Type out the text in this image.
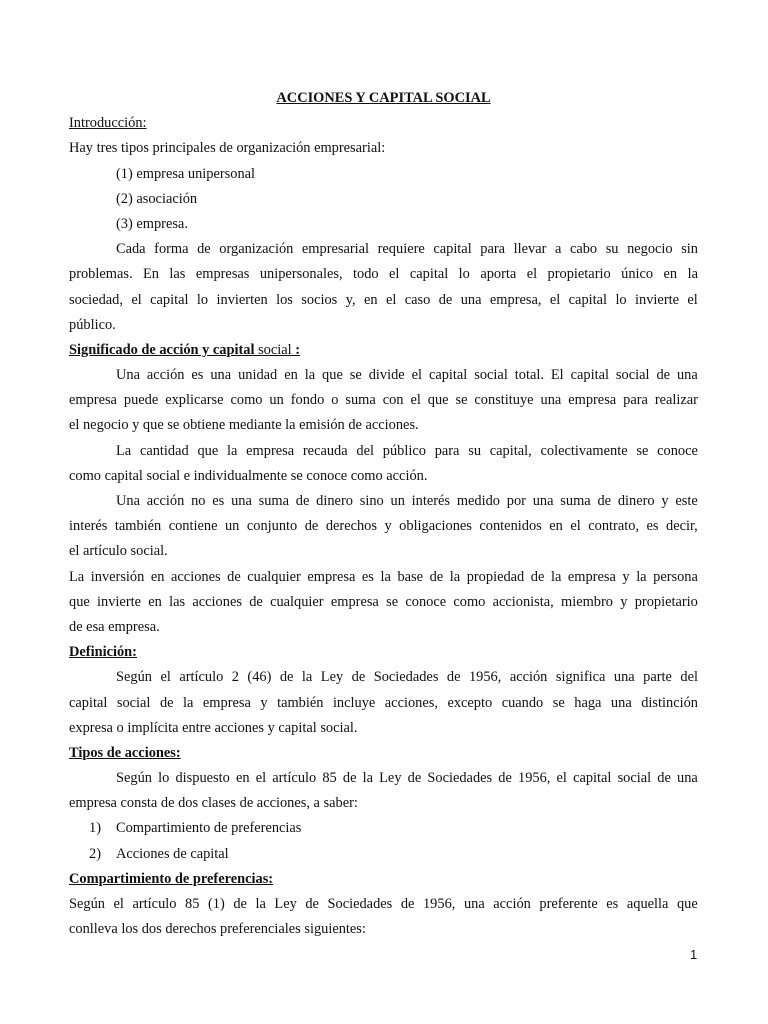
ACCIONES Y CAPITAL SOCIAL
Introducción:
Hay tres tipos principales de organización empresarial:
(1) empresa unipersonal
(2) asociación
(3) empresa.
Cada forma de organización empresarial requiere capital para llevar a cabo su negocio sin
problemas. En las empresas unipersonales, todo el capital lo aporta el propietario único en la
sociedad, el capital lo invierten los socios y, en el caso de una empresa, el capital lo invierte el
público.
Significado de acción y capital social :
Una acción es una unidad en la que se divide el capital social total. El capital social de una
empresa puede explicarse como un fondo o suma con el que se constituye una empresa para realizar
el negocio y que se obtiene mediante la emisión de acciones.
La cantidad que la empresa recauda del público para su capital, colectivamente se conoce
como capital social e individualmente se conoce como acción.
Una acción no es una suma de dinero sino un interés medido por una suma de dinero y este
interés también contiene un conjunto de derechos y obligaciones contenidos en el contrato, es decir,
el artículo social.
La inversión en acciones de cualquier empresa es la base de la propiedad de la empresa y la persona
que invierte en las acciones de cualquier empresa se conoce como accionista, miembro y propietario
de esa empresa.
Definición:
Según el artículo 2 (46) de la Ley de Sociedades de 1956, acción significa una parte del
capital social de la empresa y también incluye acciones, excepto cuando se haga una distinción
expresa o implícita entre acciones y capital social.
Tipos de acciones:
Según lo dispuesto en el artículo 85 de la Ley de Sociedades de 1956, el capital social de una
empresa consta de dos clases de acciones, a saber:
1) Compartimiento de preferencias
2) Acciones de capital
Compartimiento de preferencias:
Según el artículo 85 (1) de la Ley de Sociedades de 1956, una acción preferente es aquella que
conlleva los dos derechos preferenciales siguientes:
1
